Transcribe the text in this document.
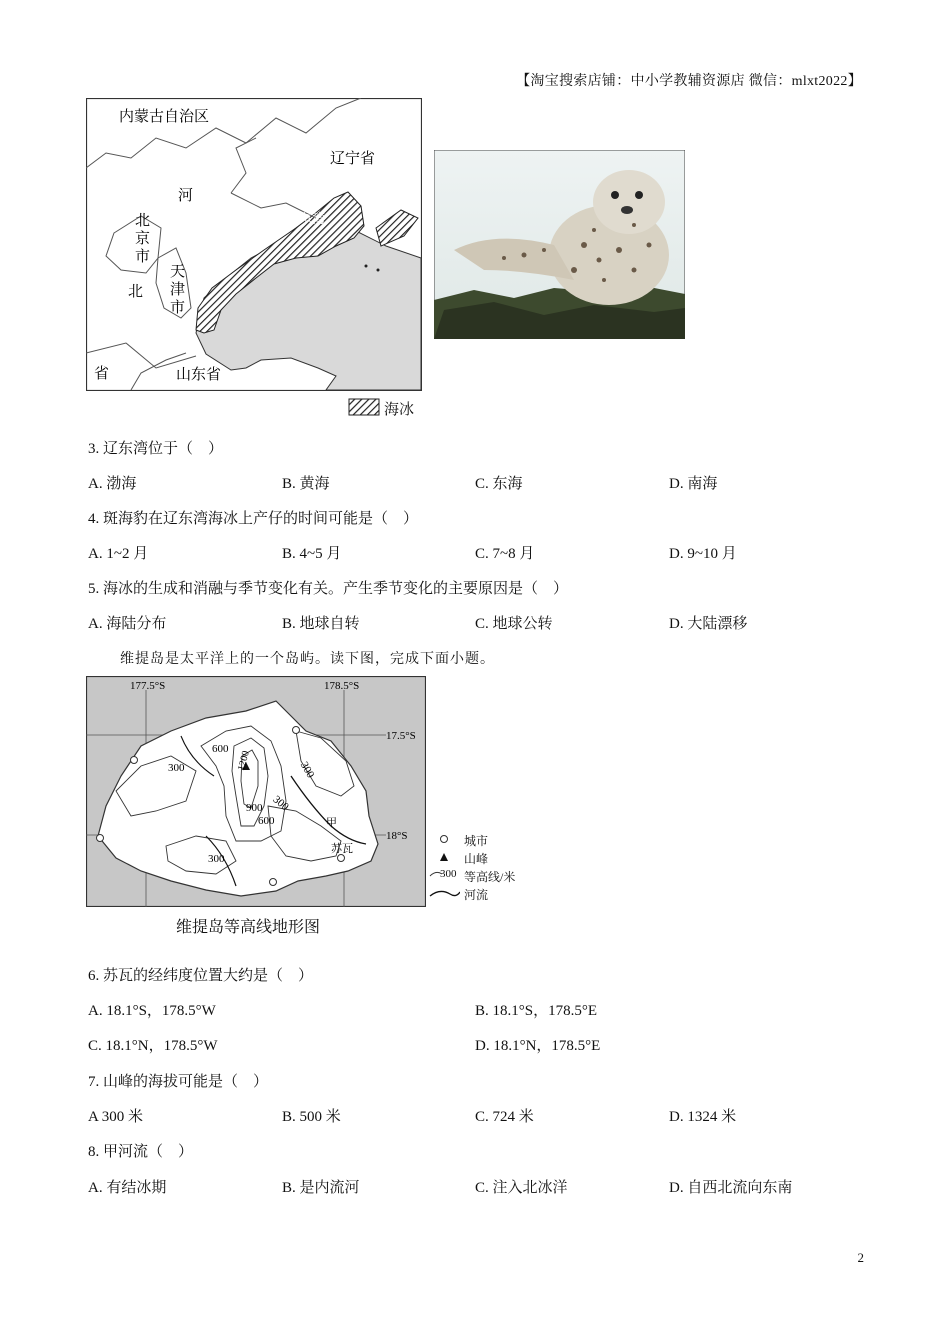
【淘宝搜索店铺：中小学教辅资源店 微信：mlxt2022】
内蒙古自治区
辽宁省
河
北
省
北
京
市
天
津
市
山东省
辽东湾
海冰
3. 辽东湾位于（　）
A. 渤海	B. 黄海	C. 东海	D. 南海
4. 斑海豹在辽东湾海冰上产仔的时间可能是（　）
A. 1~2 月	B. 4~5 月	C. 7~8 月	D. 9~10 月
5. 海冰的生成和消融与季节变化有关。产生季节变化的主要原因是（　）
A. 海陆分布	B. 地球自转	C. 地球公转	D. 大陆漂移
维提岛是太平洋上的一个岛屿。读下图，完成下面小题。
177.5°S	178.5°S
17.5°S
18°S
300
600
1200	300
900 300
600
300
甲
苏瓦
城市
山峰
等高线/米
河流
300
维提岛等高线地形图
6. 苏瓦的经纬度位置大约是（　）
A. 18.1°S，178.5°W	B. 18.1°S，178.5°E
C. 18.1°N，178.5°W	D. 18.1°N，178.5°E
7. 山峰的海拔可能是（　）
A 300 米	B. 500 米	C. 724 米	D. 1324 米
8. 甲河流（　）
A. 有结冰期	B. 是内流河	C. 注入北冰洋	D. 自西北流向东南
2
